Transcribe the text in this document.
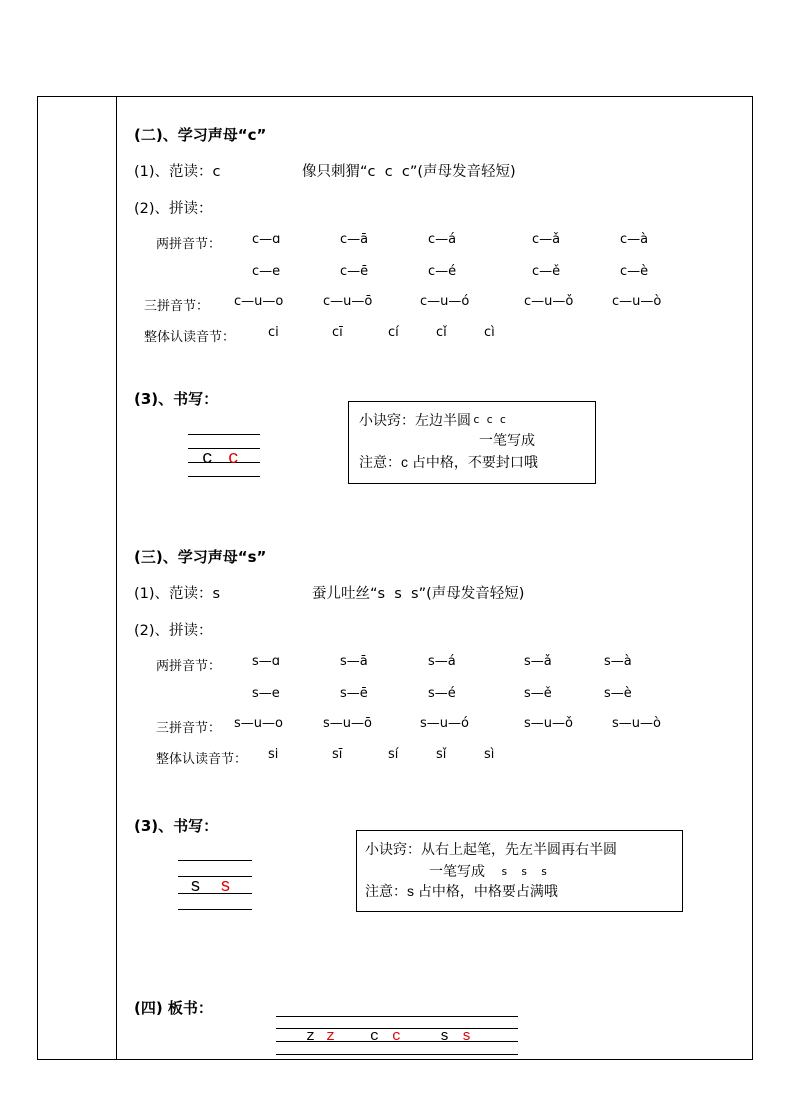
(二)、学习声母“c”
(1)、范读：c	像只刺猬“c  c  c”(声母发音轻短)
(2)、拼读：
两拼音节： c—ɑ	c—ā	c—á	c—ǎ	c—à
c—e	c—ē	c—é	c—ě	c—è
三拼音节： c—u—o	c—u—ō	c—u—ó	c—u—ǒ	c—u—ò
整体认读音节：	ci	cī	cí	cǐ	cì
(3)、书写：
c c
小诀窍：左边半圆 c c c
一笔写成
注意：c 占中格，不要封口哦
(三)、学习声母“s”
(1)、范读：s	蚕儿吐丝“s  s  s”(声母发音轻短)
(2)、拼读：
两拼音节： s—ɑ	s—ā	s—á	s—ǎ	s—à
s—e	s—ē	s—é	s—ě	s—è
三拼音节： s—u—o	s—u—ō	s—u—ó	s—u—ǒ	s—u—ò
整体认读音节： si	sī	sí	sǐ	sì
(3)、书写：
s s
小诀窍：从右上起笔，先左半圆再右半圆
一笔写成 s  s  s
注意：s 占中格，中格要占满哦
(四) 板书：
z z c c	s s
